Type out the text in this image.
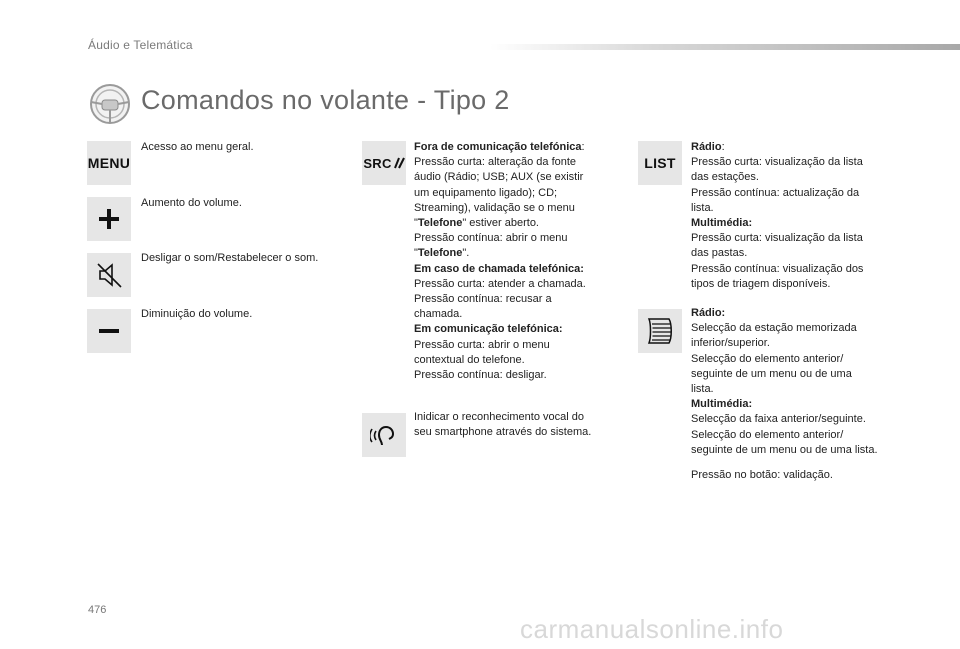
Áudio e Telemática
Comandos no volante - Tipo 2
MENU
Acesso ao menu geral.
Aumento do volume.
Desligar o som/Restabelecer o som.
Diminuição do volume.
SRC

Fora de comunicação telefónica:

Pressão curta: alteração da fonte

áudio (Rádio; USB; AUX (se existir

um equipamento ligado); CD;

Streaming), validação se o menu

"Telefone" estiver aberto.

Pressão contínua: abrir o menu

"Telefone".

Em caso de chamada telefónica:

Pressão curta: atender a chamada.

Pressão contínua: recusar a

chamada.

Em comunicação telefónica:

Pressão curta: abrir o menu

contextual do telefone.

Pressão contínua: desligar.

Inidicar o reconhecimento vocal do

seu smartphone através do sistema.

LIST

Rádio:

Pressão curta: visualização da lista

das estações.

Pressão contínua: actualização da

lista.

Multimédia:

Pressão curta: visualização da lista

das pastas.

Pressão contínua: visualização dos

tipos de triagem disponíveis.

Rádio:

Selecção da estação memorizada

inferior/superior.

Selecção do elemento anterior/

seguinte de um menu ou de uma

lista.

Multimédia:

Selecção da faixa anterior/seguinte.

Selecção do elemento anterior/

seguinte de um menu ou de uma lista.

Pressão no botão: validação.
476
carmanualsonline.info
